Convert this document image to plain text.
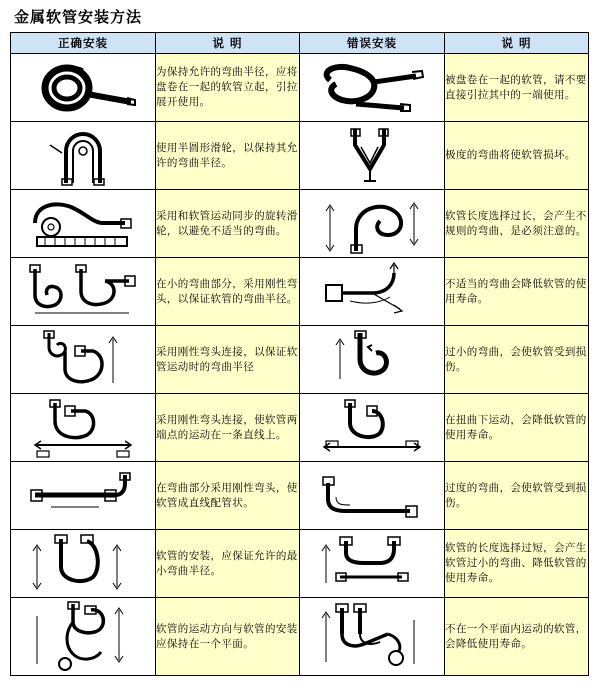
金属软管安装方法
正确安装	说 明	错误安装	说 明

	为保持允许的弯曲半径，应将盘卷在一起的软管立起，引拉展开使用。		被盘卷在一起的软管，请不要直接引拉其中的一端使用。

	使用半圆形滑轮，以保持其允许的弯曲半径。		极度的弯曲将使软管损坏。

	采用和软管运动同步的旋转滑轮，以避免不适当的弯曲。		软管长度选择过长，会产生不规则的弯曲，是必须注意的。

	在小的弯曲部分，采用刚性弯头，以保证软管的弯曲半径。		不适当的弯曲会降低软管的使用寿命。

	采用刚性弯头连接，以保证软管运动时的弯曲半径		过小的弯曲，会使软管受到损伤。

	采用刚性弯头连接，使软管两端点的运动在一条直线上。		在扭曲下运动，会降低软管的使用寿命。

	在弯曲部分采用刚性弯头，使软管成直线配管状。		过度的弯曲，会使软管受到损伤。

	软管的安装，应保证允许的最小弯曲半径。		软管的长度选择过短，会产生软管过小的弯曲、降低软管的使用寿命。

	软管的运动方向与软管的安装应保持在一个平面。		不在一个平面内运动的软管，会降低使用寿命。
